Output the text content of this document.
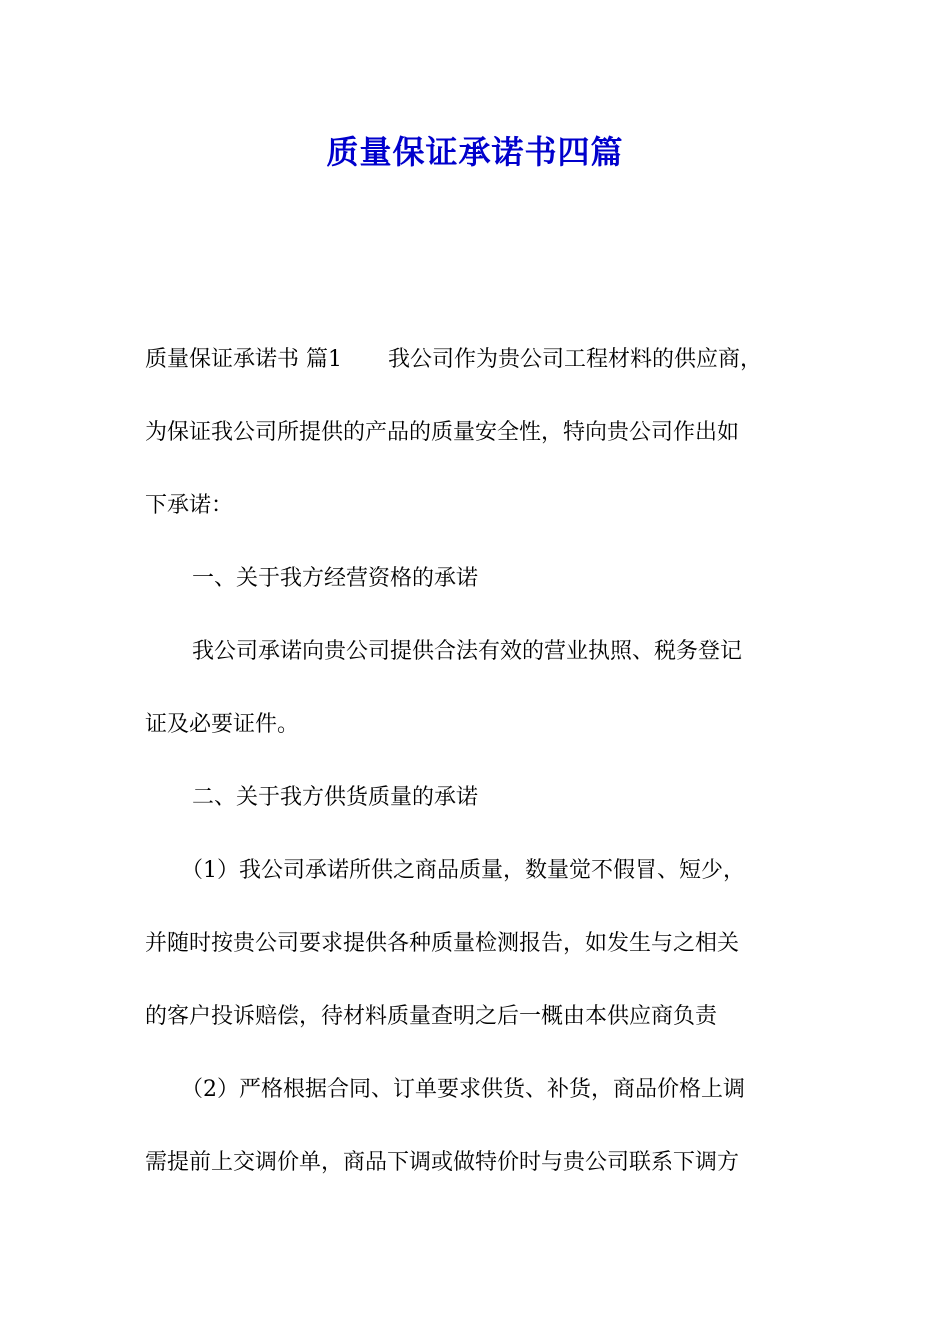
质量保证承诺书四篇

质量保证承诺书 篇1 我公司作为贵公司工程材料的供应商，

为保证我公司所提供的产品的质量安全性，特向贵公司作出如

下承诺：

一、关于我方经营资格的承诺

我公司承诺向贵公司提供合法有效的营业执照、税务登记

证及必要证件。

二、关于我方供货质量的承诺

（1）我公司承诺所供之商品质量，数量觉不假冒、短少，

并随时按贵公司要求提供各种质量检测报告，如发生与之相关

的客户投诉赔偿，待材料质量查明之后一概由本供应商负责

（2）严格根据合同、订单要求供货、补货，商品价格上调

需提前上交调价单，商品下调或做特价时与贵公司联系下调方
